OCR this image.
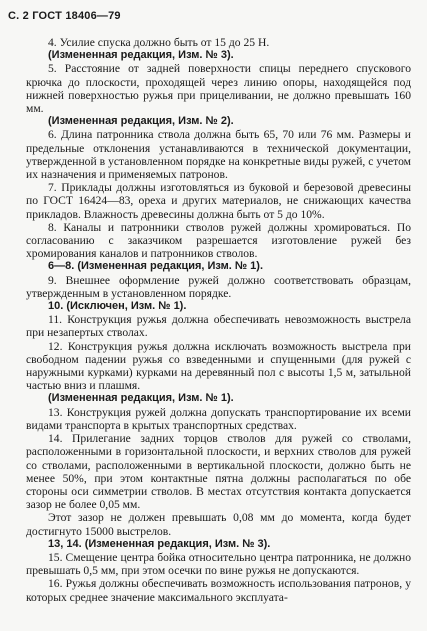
С. 2 ГОСТ 18406—79

4. Усилие спуска должно быть от 15 до 25 Н.

(Измененная редакция, Изм. № 3).

5. Расстояние от задней поверхности спицы переднего спускового крючка до плоскости, проходящей через линию опоры, находящейся под нижней поверхностью ружья при прицеливании, не должно превышать 160 мм.

(Измененная редакция, Изм. № 2).

6. Длина патронника ствола должна быть 65, 70 или 76 мм. Размеры и предельные отклонения устанавливаются в технической документации, утвержденной в установленном порядке на конкретные виды ружей, с учетом их назначения и применяемых патронов.

7. Приклады должны изготовляться из буковой и березовой древесины по ГОСТ 16424—83, ореха и других материалов, не снижающих качества прикладов. Влажность древесины должна быть от 5 до 10%.

8. Каналы и патронники стволов ружей должны хромироваться. По согласованию с заказчиком разрешается изготовление ружей без хромирования каналов и патронников стволов.

6—8. (Измененная редакция, Изм. № 1).

9. Внешнее оформление ружей должно соответствовать образцам, утвержденным в установленном порядке.

10. (Исключен, Изм. № 1).

11. Конструкция ружья должна обеспечивать невозможность выстрела при незапертых стволах.

12. Конструкция ружья должна исключать возможность выстрела при свободном падении ружья со взведенными и спущенными (для ружей с наружными курками) курками на деревянный пол с высоты 1,5 м, затыльной частью вниз и плашмя.

(Измененная редакция, Изм. № 1).

13. Конструкция ружей должна допускать транспортирование их всеми видами транспорта в крытых транспортных средствах.

14. Прилегание задних торцов стволов для ружей со стволами, расположенными в горизонтальной плоскости, и верхних стволов для ружей со стволами, расположенными в вертикальной плоскости, должно быть не менее 50%, при этом контактные пятна должны располагаться по обе стороны оси симметрии стволов. В местах отсутствия контакта допускается зазор не более 0,05 мм.

Этот зазор не должен превышать 0,08 мм до момента, когда будет достигнуто 15000 выстрелов.

13, 14. (Измененная редакция, Изм. № 3).

15. Смещение центра бойка относительно центра патронника, не должно превышать 0,5 мм, при этом осечки по вине ружья не допускаются.

16. Ружья должны обеспечивать возможность использования патронов, у которых среднее значение максимального эксплуата-
